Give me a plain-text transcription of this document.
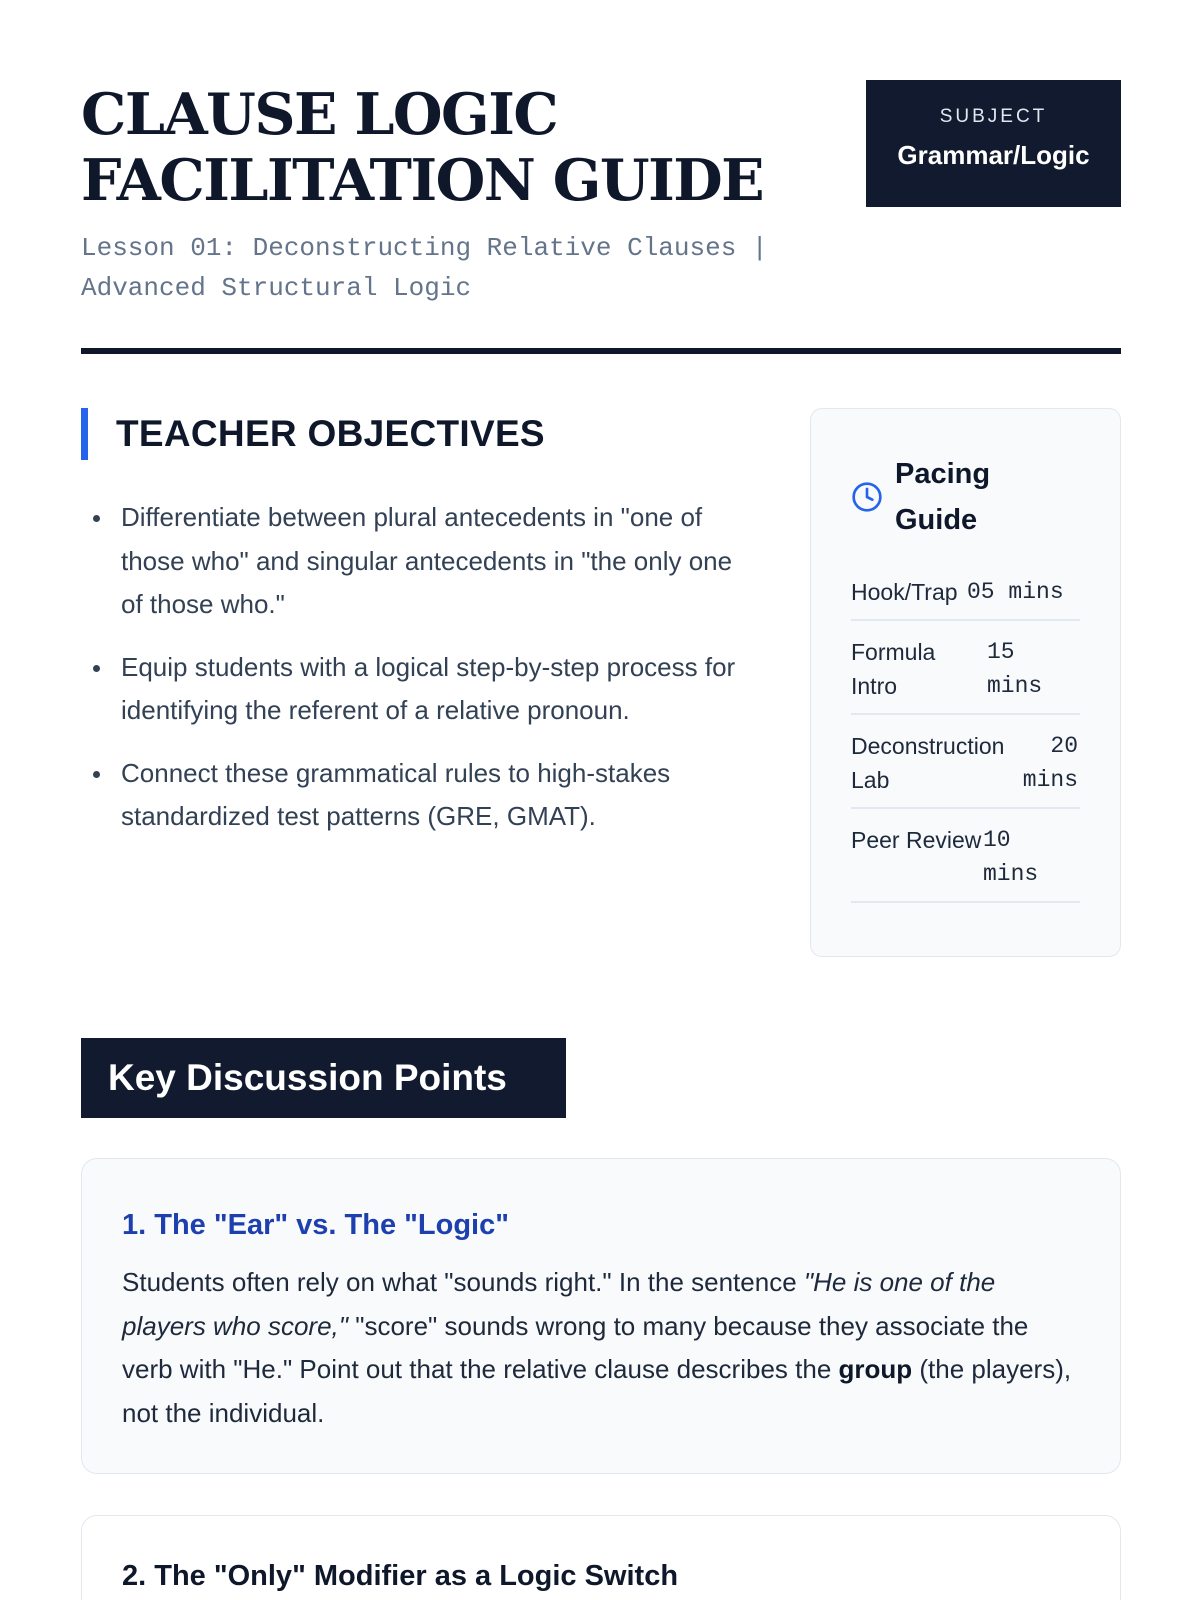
CLAUSE LOGIC FACILITATION GUIDE
Lesson 01: Deconstructing Relative Clauses | Advanced Structural Logic
SUBJECT
Grammar/Logic
TEACHER OBJECTIVES
Differentiate between plural antecedents in "one of those who" and singular antecedents in "the only one of those who."
Equip students with a logical step-by-step process for identifying the referent of a relative pronoun.
Connect these grammatical rules to high-stakes standardized test patterns (GRE, GMAT).
Pacing Guide
Hook/Trap 05 mins
Formula Intro
15 mins
Deconstruction Lab
20 mins
Peer Review 10 mins
Key Discussion Points
1. The "Ear" vs. The "Logic"

Students often rely on what "sounds right." In the sentence "He is one of the players who score," "score" sounds wrong to many because they associate the verb with "He." Point out that the relative clause describes the group (the players), not the individual.

2. The "Only" Modifier as a Logic Switch
